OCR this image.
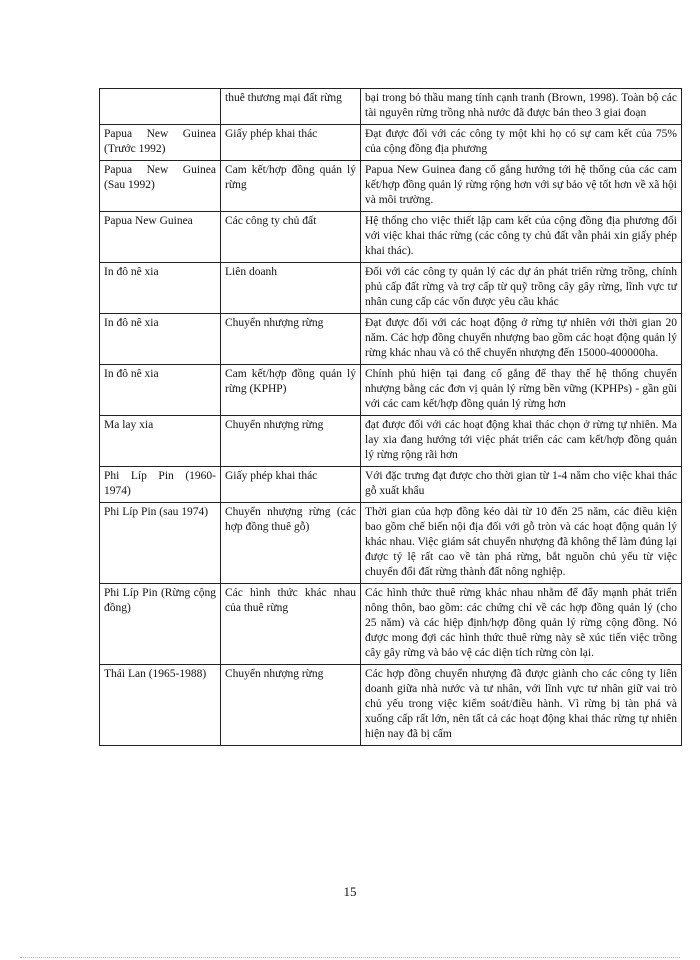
	thuê thương mại đất rừng	bại trong bỏ thầu mang tính cạnh tranh (Brown, 1998). Toàn bộ các tài nguyên rừng trồng nhà nước đã được bán theo 3 giai đoạn
Papua New Guinea (Trước 1992)	Giấy phép khai thác	Đạt được đối với các công ty một khi họ có sự cam kết của 75% của cộng đồng địa phương
Papua New Guinea (Sau 1992)	Cam kết/hợp đồng quản lý rừng	Papua New Guinea đang cố gắng hướng tới hệ thống của các cam kết/hợp đồng quản lý rừng rộng hơn với sự bảo vệ tốt hơn về xã hội và môi trường.
Papua New Guinea	Các công ty chủ đất	Hệ thống cho việc thiết lập cam kết của cộng đồng địa phương đối với việc khai thác rừng (các công ty chủ đất vẫn phải xin giấy phép khai thác).
In đô nê xia	Liên doanh	Đối với các công ty quản lý các dự án phát triển rừng trồng, chính phủ cấp đất rừng và trợ cấp từ quỹ trồng cây gây rừng, lĩnh vực tư nhân cung cấp các vốn được yêu cầu khác
In đô nê xia	Chuyển nhượng rừng	Đạt được đối với các hoạt động ở rừng tự nhiên với thời gian 20 năm. Các hợp đồng chuyển nhượng bao gồm các hoạt động quản lý rừng khác nhau và có thể chuyển nhượng đến 15000-400000ha.
In đô nê xia	Cam kết/hợp đồng quản lý rừng (KPHP)	Chính phủ hiện tại đang cố gắng để thay thế hệ thống chuyển nhượng bằng các đơn vị quản lý rừng bền vững (KPHPs) - gần gũi với các cam kết/hợp đồng quản lý rừng hơn
Ma lay xia	Chuyển nhượng rừng	đạt được đối với các hoạt động khai thác chọn ở rừng tự nhiên. Ma lay xia đang hướng tới việc phát triển các cam kết/hợp đồng quản lý rừng rộng rãi hơn
Phi Líp Pin (1960-1974)	Giấy phép khai thác	Với đặc trưng đạt được cho thời gian từ 1-4 năm cho việc khai thác gỗ xuất khẩu
Phi Líp Pin (sau 1974)	Chuyển nhượng rừng (các hợp đồng thuê gỗ)	Thời gian của hợp đồng kéo dài từ 10 đến 25 năm, các điều kiện bao gồm chế biến nội địa đối với gỗ tròn và các hoạt động quản lý khác nhau. Việc giám sát chuyển nhượng đã không thể làm đúng lại được tỷ lệ rất cao về tàn phá rừng, bắt nguồn chủ yếu từ việc chuyển đổi đất rừng thành đất nông nghiệp.
Phi Líp Pin (Rừng cộng đồng)	Các hình thức khác nhau của thuê rừng	Các hình thức thuê rừng khác nhau nhằm để đẩy mạnh phát triển nông thôn, bao gồm: các chứng chỉ về các hợp đồng quản lý (cho 25 năm) và các hiệp định/hợp đồng quản lý rừng cộng đồng. Nó được mong đợi các hình thức thuê rừng này sẽ xúc tiến việc trồng cây gây rừng và bảo vệ các diện tích rừng còn lại.
Thái Lan (1965-1988)	Chuyển nhượng rừng	Các hợp đồng chuyển nhượng đã được giành cho các công ty liên doanh giữa nhà nước và tư nhân, với lĩnh vực tư nhân giữ vai trò chủ yếu trong việc kiểm soát/điều hành. Vì rừng bị tàn phá và xuống cấp rất lớn, nên tất cả các hoạt động khai thác rừng tự nhiên hiện nay đã bị cấm
15
